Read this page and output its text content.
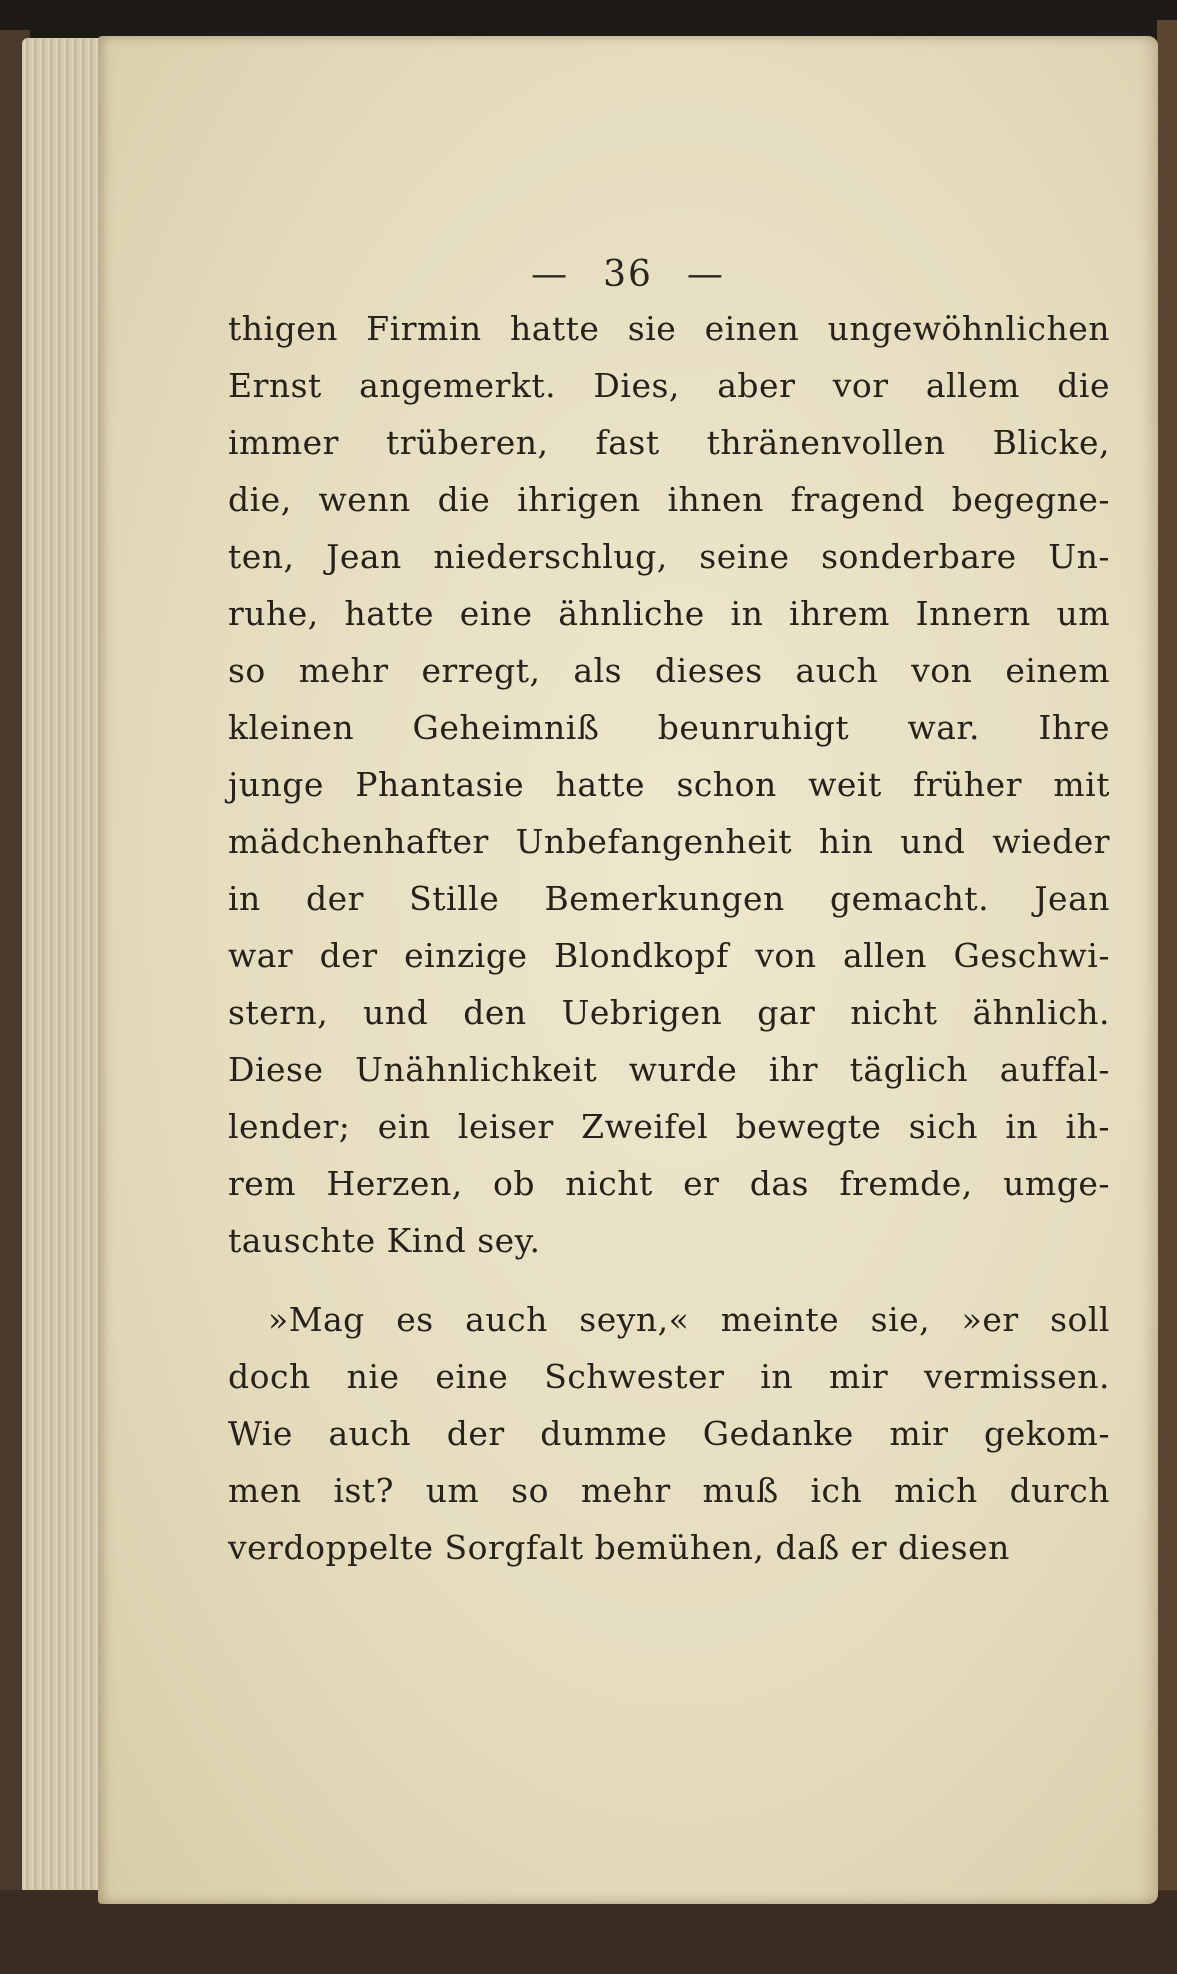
— 36 —
thigen Firmin hatte sie einen ungewöhnlichen
Ernst angemerkt. Dies, aber vor allem die
immer trüberen, fast thränenvollen Blicke,
die, wenn die ihrigen ihnen fragend begegne-
ten, Jean niederschlug, seine sonderbare Un-
ruhe, hatte eine ähnliche in ihrem Innern um
so mehr erregt, als dieses auch von einem
kleinen Geheimniß beunruhigt war. Ihre
junge Phantasie hatte schon weit früher mit
mädchenhafter Unbefangenheit hin und wieder
in der Stille Bemerkungen gemacht. Jean
war der einzige Blondkopf von allen Geschwi-
stern, und den Uebrigen gar nicht ähnlich.
Diese Unähnlichkeit wurde ihr täglich auffal-
lender; ein leiser Zweifel bewegte sich in ih-
rem Herzen, ob nicht er das fremde, umge-
tauschte Kind sey.
»Mag es auch seyn,« meinte sie, »er soll
doch nie eine Schwester in mir vermissen.
Wie auch der dumme Gedanke mir gekom-
men ist? um so mehr muß ich mich durch
verdoppelte Sorgfalt bemühen, daß er diesen
